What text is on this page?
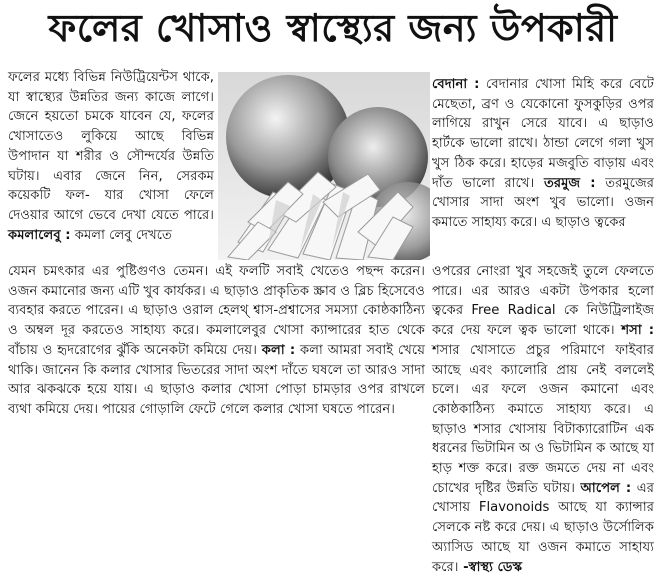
ফলের খোসাও স্বাস্থ্যের জন্য উপকারী
ফলের মধ্যে বিভিন্ন নিউট্রিয়েন্টস থাকে, যা স্বাস্থ্যের উন্নতির জন্য কাজে লাগে। জেনে হয়তো চমকে যাবেন যে, ফলের খোসাতেও লুকিয়ে আছে বিভিন্ন উপাদান যা শরীর ও সৌন্দর্যের উন্নতি ঘটায়। এবার জেনে নিন, সেরকম কয়েকটি ফল- যার খোসা ফেলে দেওয়ার আগে ভেবে দেখা যেতে পারে। কমলালেবু : কমলা লেবু দেখতে
বেদানা : বেদানার খোসা মিহি করে বেটে মেছেতা, ব্রণ ও যেকোনো ফুসকুড়ির ওপর লাগিয়ে রাখুন সেরে যাবে। এ ছাড়াও হার্টকে ভালো রাখে। ঠান্ডা লেগে গলা খুস খুস ঠিক করে। হাড়ের মজবুতি বাড়ায় এবং দাঁত ভালো রাখে। তরমুজ : তরমুজের খোসার সাদা অংশ খুব ভালো। ওজন কমাতে সাহায্য করে। এ ছাড়াও ত্বকের
যেমন চমৎকার এর পুষ্টিগুণও তেমন। এই ফলটি সবাই খেতেও পছন্দ করেন। ওজন কমানোর জন্য এটি খুব কার্যকর। এ ছাড়াও প্রাকৃতিক স্ক্রাব ও ব্লিচ হিসেবেও ব্যবহার করতে পারেন। এ ছাড়াও ওরাল হেলথ্‌ শ্বাস-প্রশ্বাসের সমস্যা কোষ্ঠকাঠিন্য ও অম্বল দূর করতেও সাহায্য করে। কমলালেবুর খোসা ক্যান্সারের হাত থেকে বাঁচায় ও হৃদরোগের ঝুঁকি অনেকটা কমিয়ে দেয়। কলা : কলা আমরা সবাই খেয়ে থাকি। জানেন কি কলার খোসার ভিতরের সাদা অংশ দাঁতে ঘষলে তা আরও সাদা আর ঝকঝকে হয়ে যায়। এ ছাড়াও কলার খোসা পোড়া চামড়ার ওপর রাখলে ব্যথা কমিয়ে দেয়। পায়ের গোড়ালি ফেটে গেলে কলার খোসা ঘষতে পারেন।
ওপরের নোংরা খুব সহজেই তুলে ফেলতে পারে। এর আরও একটা উপকার হলো ত্বকের Free Radical কে নিউট্রিলাইজ করে দেয় ফলে ত্বক ভালো থাকে। শসা : শসার খোসাতে প্রচুর পরিমাণে ফাইবার আছে এবং ক্যালোরি প্রায় নেই বললেই চলে। এর ফলে ওজন কমানো এবং কোষ্ঠকাঠিন্য কমাতে সাহায্য করে। এ ছাড়াও শসার খোসায় বিটাক্যারোটিন এক ধরনের ভিটামিন অ ও ভিটামিন ক আছে যা হাড় শক্ত করে। রক্ত জমতে দেয় না এবং চোখের দৃষ্টির উন্নতি ঘটায়। আপেল : এর খোসায় Flavonoids আছে যা ক্যান্সার সেলকে নষ্ট করে দেয়। এ ছাড়াও উর্সোলিক অ্যাসিড আছে যা ওজন কমাতে সাহায্য করে। -স্বাস্থ্য ডেস্ক
